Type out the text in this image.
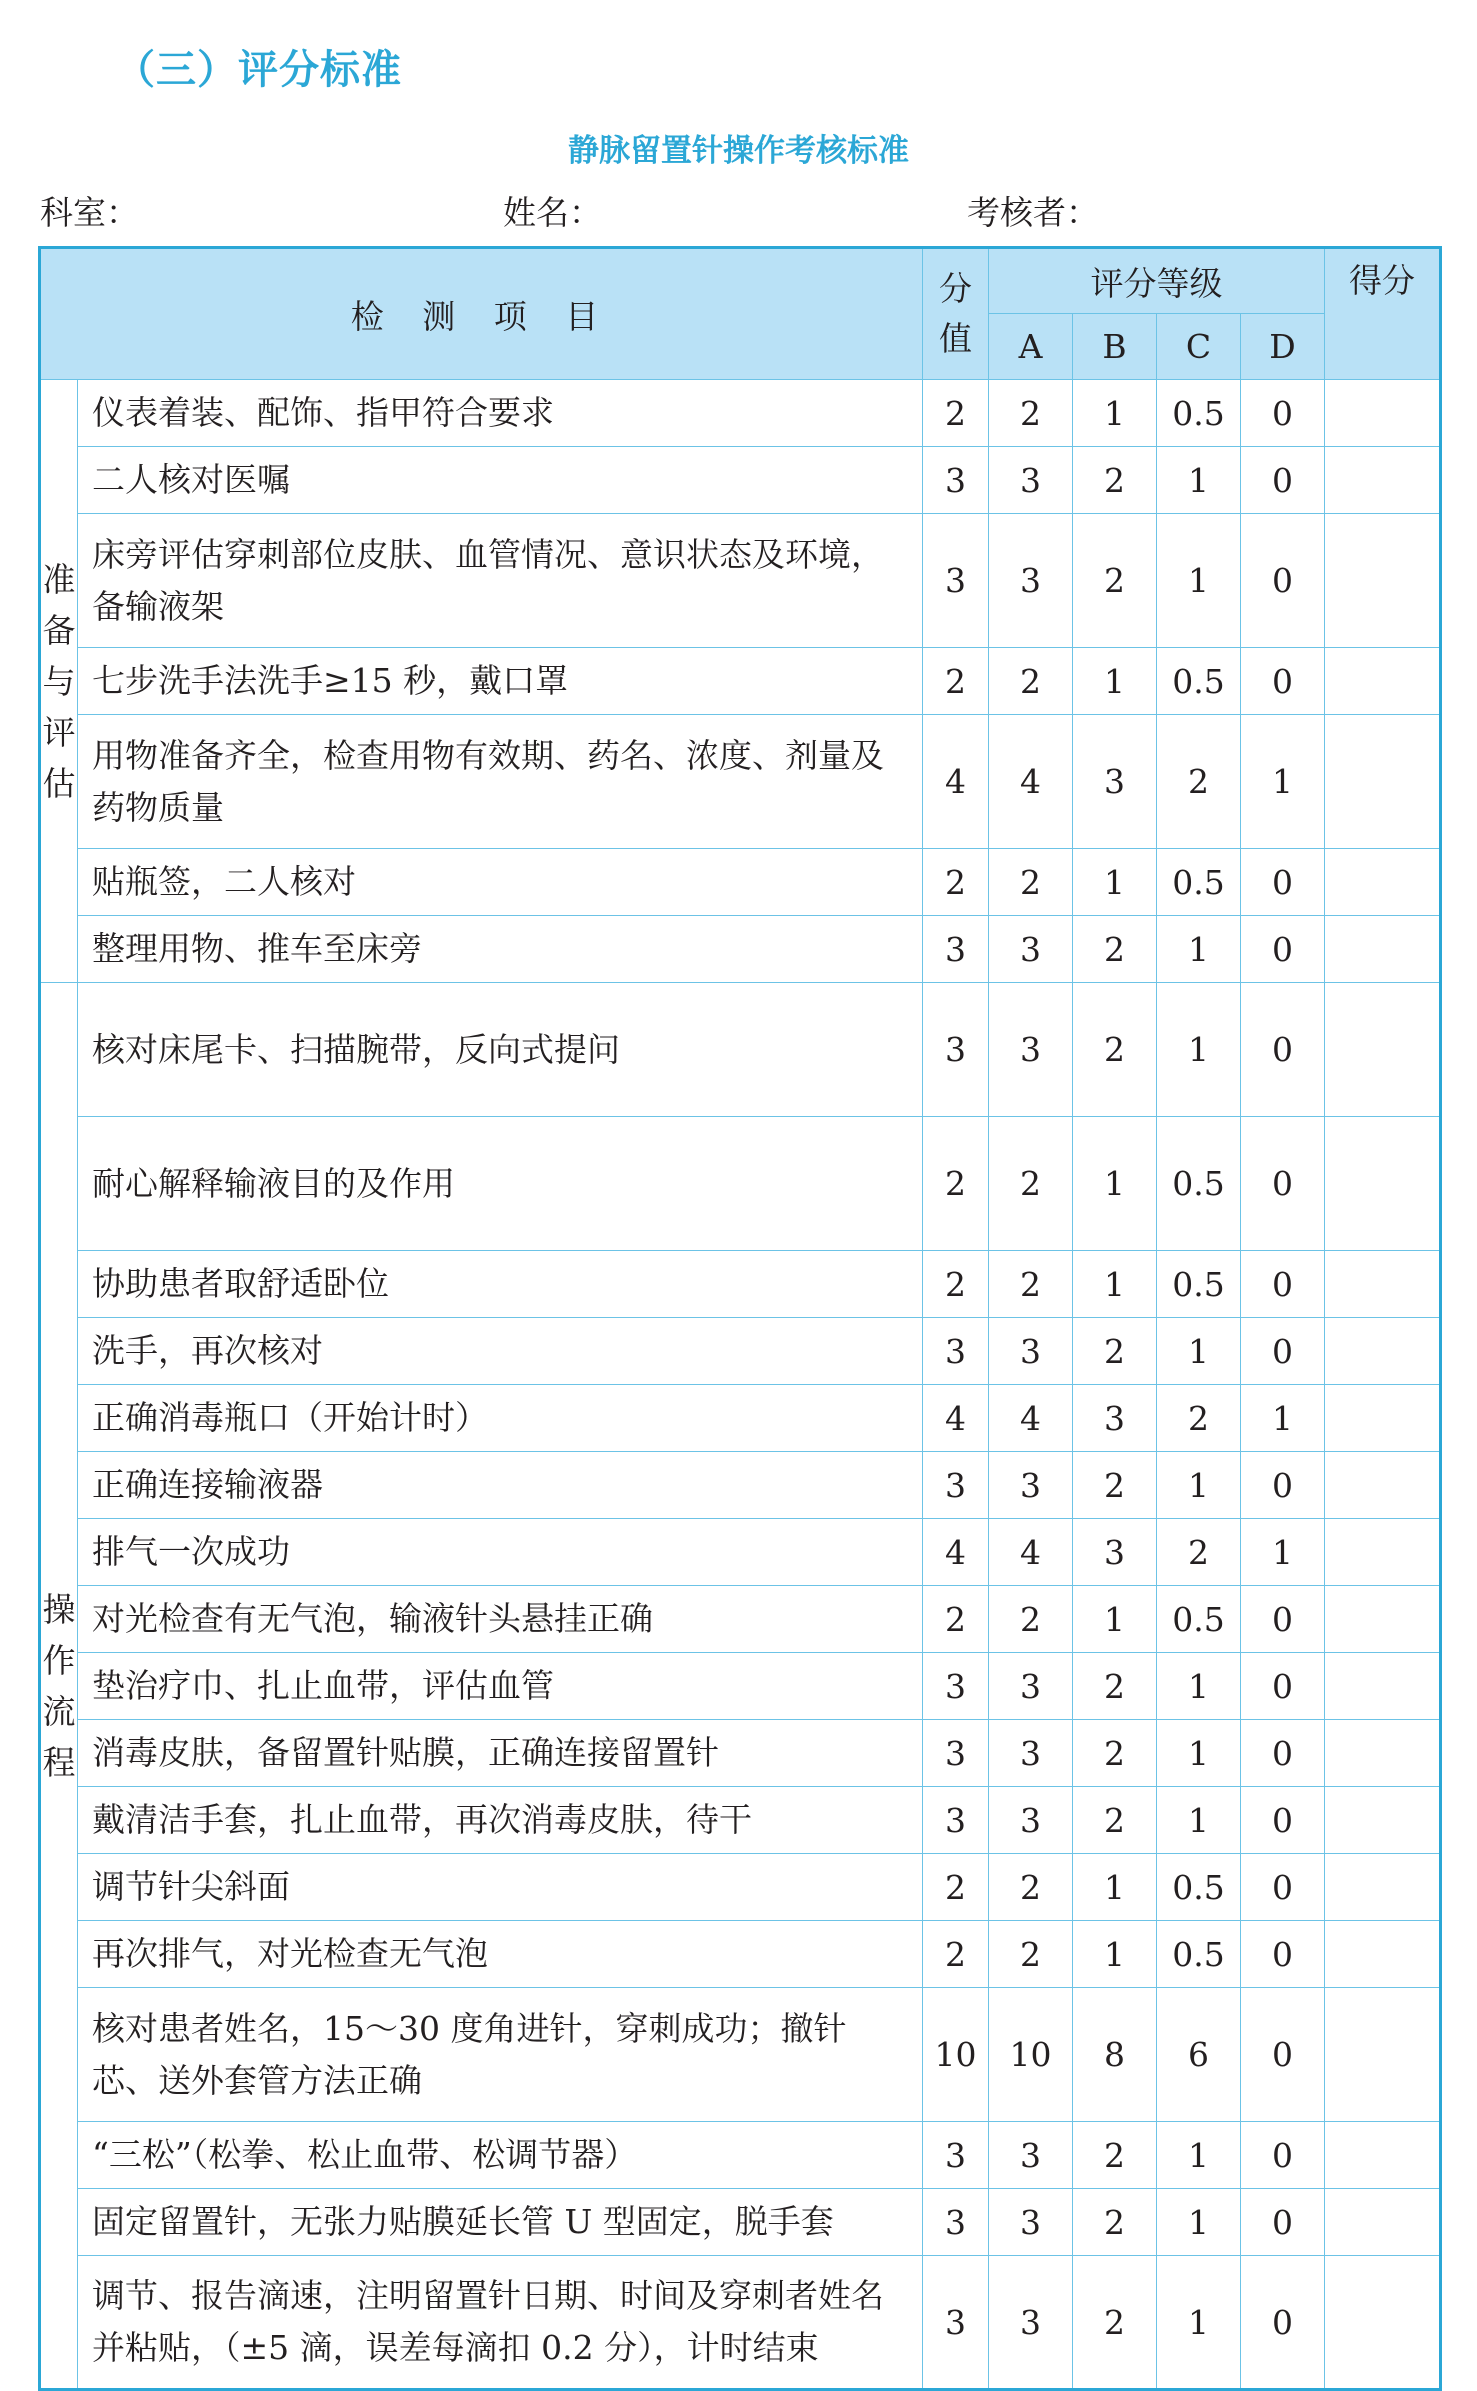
（三）评分标准
静脉留置针操作考核标准
科室：	姓名：	考核者：
检 测 项 目		分
值	评分等级				得分
			A	B	C	D	
准
备
与
评
估	仪表着装、配饰、指甲符合要求	2	2	1	0.5	0	
	二人核对医嘱	3	3	2	1	0	
	床旁评估穿刺部位皮肤、血管情况、意识状态及环境，备输液架	3	3	2	1	0	
	七步洗手法洗手≥15 秒，戴口罩	2	2	1	0.5	0	
	用物准备齐全，检查用物有效期、药名、浓度、剂量及药物质量	4	4	3	2	1	
	贴瓶签，二人核对	2	2	1	0.5	0	
	整理用物、推车至床旁	3	3	2	1	0	
操
作
流
程	核对床尾卡、扫描腕带，反向式提问	3	3	2	1	0	
	耐心解释输液目的及作用	2	2	1	0.5	0	
	协助患者取舒适卧位	2	2	1	0.5	0	
	洗手，再次核对	3	3	2	1	0	
	正确消毒瓶口（开始计时）	4	4	3	2	1	
	正确连接输液器	3	3	2	1	0	
	排气一次成功	4	4	3	2	1	
	对光检查有无气泡，输液针头悬挂正确	2	2	1	0.5	0	
	垫治疗巾、扎止血带，评估血管	3	3	2	1	0	
	消毒皮肤，备留置针贴膜，正确连接留置针	3	3	2	1	0	
	戴清洁手套，扎止血带，再次消毒皮肤，待干	3	3	2	1	0	
	调节针尖斜面	2	2	1	0.5	0	
	再次排气，对光检查无气泡	2	2	1	0.5	0	
	核对患者姓名，15～30 度角进针，穿刺成功；撤针芯、送外套管方法正确	10	10	8	6	0	
	“三松”（松拳、松止血带、松调节器）	3	3	2	1	0	
	固定留置针，无张力贴膜延长管 U 型固定，脱手套	3	3	2	1	0	
	调节、报告滴速，注明留置针日期、时间及穿刺者姓名并粘贴，（±5 滴，误差每滴扣 0.2 分），计时结束	3	3	2	1	0	
